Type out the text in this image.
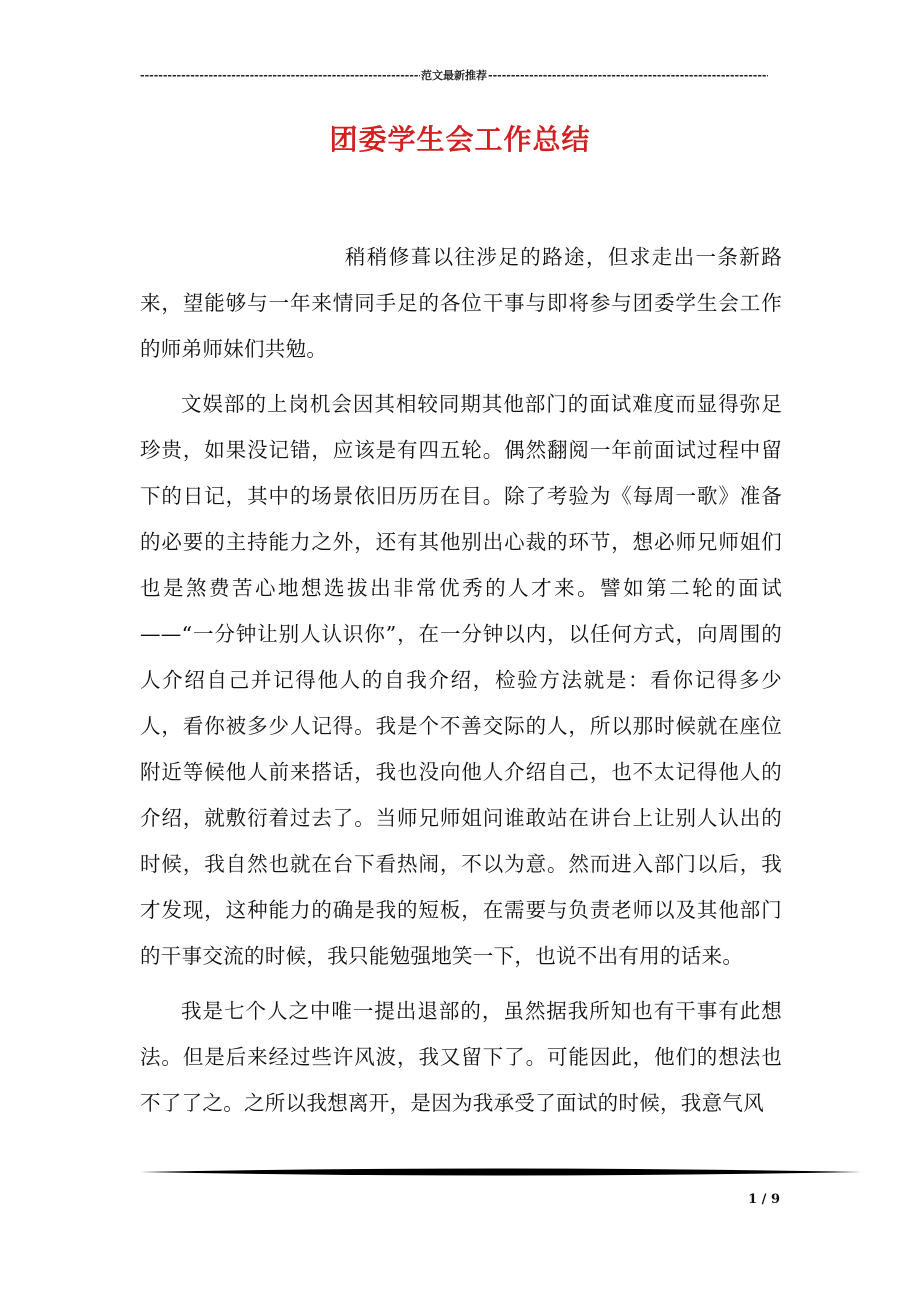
-----
范文最新推荐
-----
团委学生会工作总结

稍稍修葺以往涉足的路途，但求走出一条新路来，望能够与一年来情同手足的各位干事与即将参与团委学生会工作的师弟师妹们共勉。

文娱部的上岗机会因其相较同期其他部门的面试难度而显得弥足珍贵，如果没记错，应该是有四五轮。偶然翻阅一年前面试过程中留下的日记，其中的场景依旧历历在目。除了考验为《每周一歌》准备的必要的主持能力之外，还有其他别出心裁的环节，想必师兄师姐们也是煞费苦心地想选拔出非常优秀的人才来。譬如第二轮的面试——“一分钟让别人认识你”，在一分钟以内，以任何方式，向周围的人介绍自己并记得他人的自我介绍，检验方法就是：看你记得多少人，看你被多少人记得。我是个不善交际的人，所以那时候就在座位附近等候他人前来搭话，我也没向他人介绍自己，也不太记得他人的介绍，就敷衍着过去了。当师兄师姐问谁敢站在讲台上让别人认出的时候，我自然也就在台下看热闹，不以为意。然而进入部门以后，我才发现，这种能力的确是我的短板，在需要与负责老师以及其他部门的干事交流的时候，我只能勉强地笑一下，也说不出有用的话来。

我是七个人之中唯一提出退部的，虽然据我所知也有干事有此想法。但是后来经过些许风波，我又留下了。可能因此，他们的想法也不了了之。之所以我想离开，是因为我承受了面试的时候，我意气风

1 / 9
